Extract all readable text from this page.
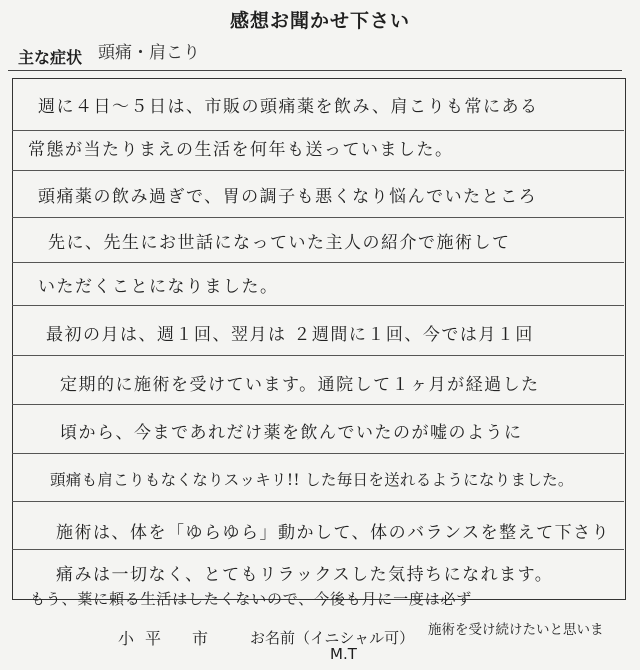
感想お聞かせ下さい
主な症状 頭痛・肩こり
週に４日～５日は、市販の頭痛薬を飲み、肩こりも常にある
常態が当たりまえの生活を何年も送っていました。
頭痛薬の飲み過ぎで、胃の調子も悪くなり悩んでいたところ
先に、先生にお世話になっていた主人の紹介で施術して
いただくことになりました。
最初の月は、週１回、翌月は ２週間に１回、今では月１回
定期的に施術を受けています。通院して１ヶ月が経過した
頃から、今まであれだけ薬を飲んでいたのが嘘のように
頭痛も肩こりもなくなりスッキリ!! した毎日を送れるようになりました。
施術は、体を「ゆらゆら」動かして、体のバランスを整えて下さり
痛みは一切なく、とてもリラックスした気持ちになれます。
もう、薬に頼る生活はしたくないので、今後も月に一度は必ず
施術を受け続けたいと思いま
小 平 市	お名前（イニシャル可）
M.T
